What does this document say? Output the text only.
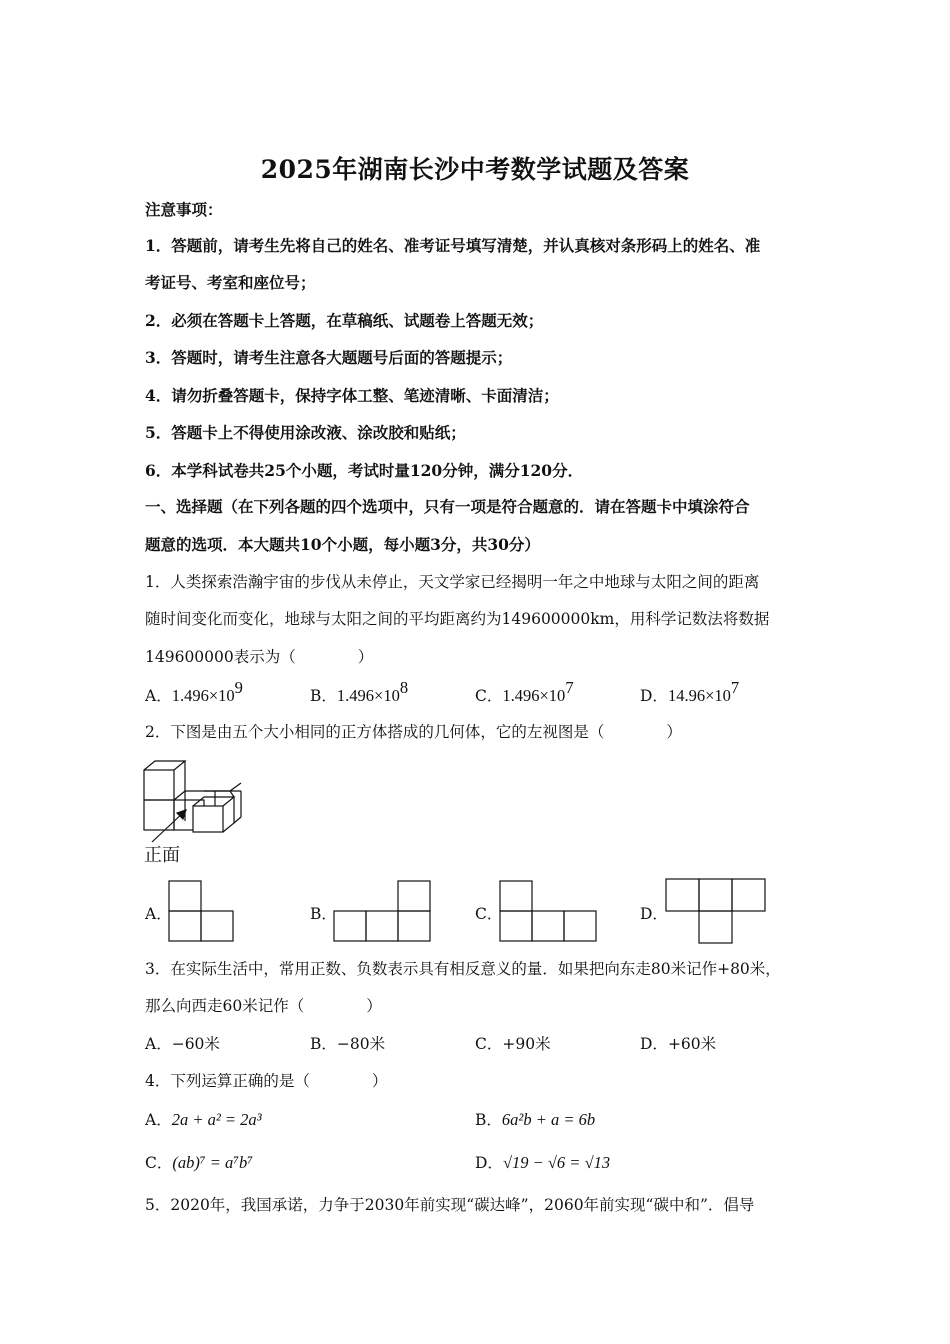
2025年湖南长沙中考数学试题及答案
注意事项：
1．答题前，请考生先将自己的姓名、准考证号填写清楚，并认真核对条形码上的姓名、准
考证号、考室和座位号；
2．必须在答题卡上答题，在草稿纸、试题卷上答题无效；
3．答题时，请考生注意各大题题号后面的答题提示；
4．请勿折叠答题卡，保持字体工整、笔迹清晰、卡面清洁；
5．答题卡上不得使用涂改液、涂改胶和贴纸；
6．本学科试卷共25个小题，考试时量120分钟，满分120分．
一、选择题（在下列各题的四个选项中，只有一项是符合题意的．请在答题卡中填涂符合
题意的选项．本大题共10个小题，每小题3分，共30分）
1．人类探索浩瀚宇宙的步伐从未停止，天文学家已经揭明一年之中地球与太阳之间的距离
随时间变化而变化，地球与太阳之间的平均距离约为149600000km，用科学记数法将数据
149600000表示为（　　　　）
A．$1.496\times 10^9$	B．$1.496\times 10^8$	C．$1.496\times 10^7$	D．$14.96\times 10^7$
2．下图是由五个大小相同的正方体搭成的几何体，它的左视图是（　　　　）
正面
A．	B．	C．	D．
3．在实际生活中，常用正数、负数表示具有相反意义的量．如果把向东走80米记作+80米，
那么向西走60米记作（　　　　）
A．−60米	B．−80米	C．+90米	D．+60米
4．下列运算正确的是（　　　　）
A．2a + a² = 2a³	B．6a²b + a = 6b
C．(ab)⁷ = a⁷b⁷	D．√19 − √6 = √13
5．2020年，我国承诺，力争于2030年前实现“碳达峰”，2060年前实现“碳中和”．倡导
